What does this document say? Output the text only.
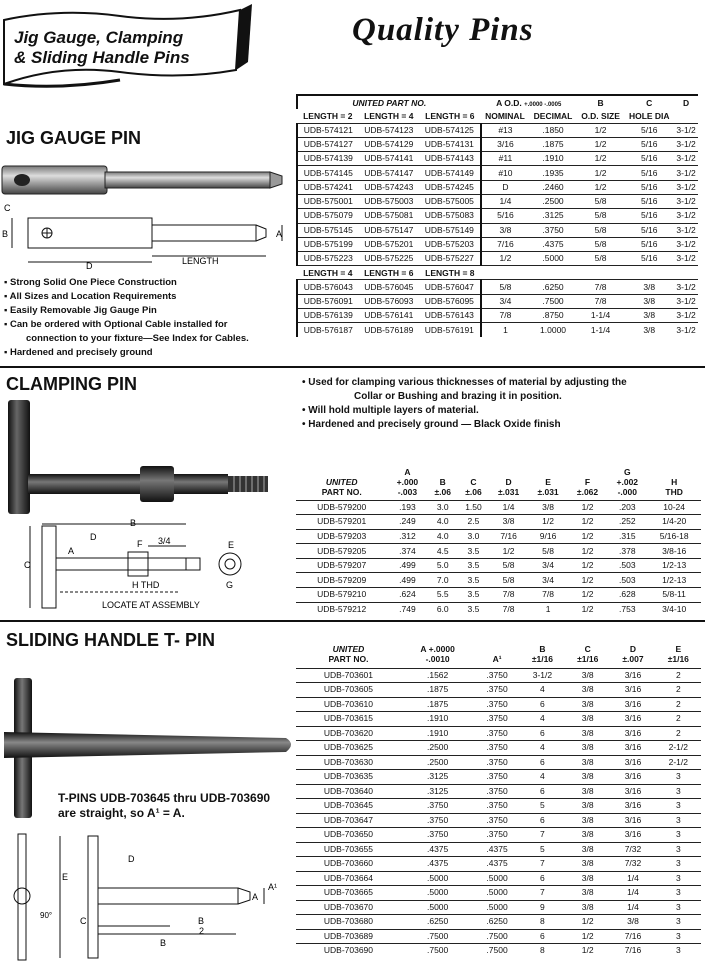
Jig Gauge, Clamping
& Sliding Handle Pins
Quality Pins
JIG GAUGE PIN
C
B
D	LENGTH
A
▪ Strong Solid One Piece Construction
▪ All Sizes and Location Requirements
▪ Easily Removable Jig Gauge Pin
▪ Can be ordered with Optional Cable installed for
connection to your fixture—See Index for Cables.
▪ Hardened and precisely ground
UNITED PART NO.			A O.D. +.0000 -.0005		B	C	D
LENGTH = 2	LENGTH = 4	LENGTH = 6	NOMINAL	DECIMAL	O.D. SIZE	HOLE DIA	
UDB-574121	UDB-574123	UDB-574125	#13	.1850	1/2	5/16	3-1/2
UDB-574127	UDB-574129	UDB-574131	3/16	.1875	1/2	5/16	3-1/2
UDB-574139	UDB-574141	UDB-574143	#11	.1910	1/2	5/16	3-1/2
UDB-574145	UDB-574147	UDB-574149	#10	.1935	1/2	5/16	3-1/2
UDB-574241	UDB-574243	UDB-574245	D	.2460	1/2	5/16	3-1/2
UDB-575001	UDB-575003	UDB-575005	1/4	.2500	5/8	5/16	3-1/2
UDB-575079	UDB-575081	UDB-575083	5/16	.3125	5/8	5/16	3-1/2
UDB-575145	UDB-575147	UDB-575149	3/8	.3750	5/8	5/16	3-1/2
UDB-575199	UDB-575201	UDB-575203	7/16	.4375	5/8	5/16	3-1/2
UDB-575223	UDB-575225	UDB-575227	1/2	.5000	5/8	5/16	3-1/2
LENGTH = 4	LENGTH = 6	LENGTH = 8					
UDB-576043	UDB-576045	UDB-576047	5/8	.6250	7/8	3/8	3-1/2
UDB-576091	UDB-576093	UDB-576095	3/4	.7500	7/8	3/8	3-1/2
UDB-576139	UDB-576141	UDB-576143	7/8	.8750	1-1/4	3/8	3-1/2
UDB-576187	UDB-576189	UDB-576191	1	1.0000	1-1/4	3/8	3-1/2
CLAMPING PIN	• Used for clamping various thicknesses of material by adjusting the
Collar or Bushing and brazing it in position.
• Will hold multiple layers of material.
• Hardened and precisely ground — Black Oxide finish
B
D
A
F 3/4
C
E
G
H THD
LOCATE AT ASSEMBLY
UNITED
PART NO.	A
+.000
-.003	B
±.06	C
±.06	D
±.031	E
±.031	F
±.062	G
+.002
-.000	H
THD
UDB-579200	.193	3.0	1.50	1/4	3/8	1/2	.203	10-24
UDB-579201	.249	4.0	2.5	3/8	1/2	1/2	.252	1/4-20
UDB-579203	.312	4.0	3.0	7/16	9/16	1/2	.315	5/16-18
UDB-579205	.374	4.5	3.5	1/2	5/8	1/2	.378	3/8-16
UDB-579207	.499	5.0	3.5	5/8	3/4	1/2	.503	1/2-13
UDB-579209	.499	7.0	3.5	5/8	3/4	1/2	.503	1/2-13
UDB-579210	.624	5.5	3.5	7/8	7/8	1/2	.628	5/8-11
UDB-579212	.749	6.0	3.5	7/8	1	1/2	.753	3/4-10
SLIDING HANDLE T- PIN
T-PINS UDB-703645 thru UDB-703690
are straight, so A¹ = A.
D
E
C
A
A¹
B
2
B
90°
UNITED
PART NO.	A +.0000
-.0010	A¹	B
±1/16	C
±1/16	D
±.007	E
±1/16
UDB-703601	.1562	.3750	3-1/2	3/8	3/16	2
UDB-703605	.1875	.3750	4	3/8	3/16	2
UDB-703610	.1875	.3750	6	3/8	3/16	2
UDB-703615	.1910	.3750	4	3/8	3/16	2
UDB-703620	.1910	.3750	6	3/8	3/16	2
UDB-703625	.2500	.3750	4	3/8	3/16	2-1/2
UDB-703630	.2500	.3750	6	3/8	3/16	2-1/2
UDB-703635	.3125	.3750	4	3/8	3/16	3
UDB-703640	.3125	.3750	6	3/8	3/16	3
UDB-703645	.3750	.3750	5	3/8	3/16	3
UDB-703647	.3750	.3750	6	3/8	3/16	3
UDB-703650	.3750	.3750	7	3/8	3/16	3
UDB-703655	.4375	.4375	5	3/8	7/32	3
UDB-703660	.4375	.4375	7	3/8	7/32	3
UDB-703664	.5000	.5000	6	3/8	1/4	3
UDB-703665	.5000	.5000	7	3/8	1/4	3
UDB-703670	.5000	.5000	9	3/8	1/4	3
UDB-703680	.6250	.6250	8	1/2	3/8	3
UDB-703689	.7500	.7500	6	1/2	7/16	3
UDB-703690	.7500	.7500	8	1/2	7/16	3
